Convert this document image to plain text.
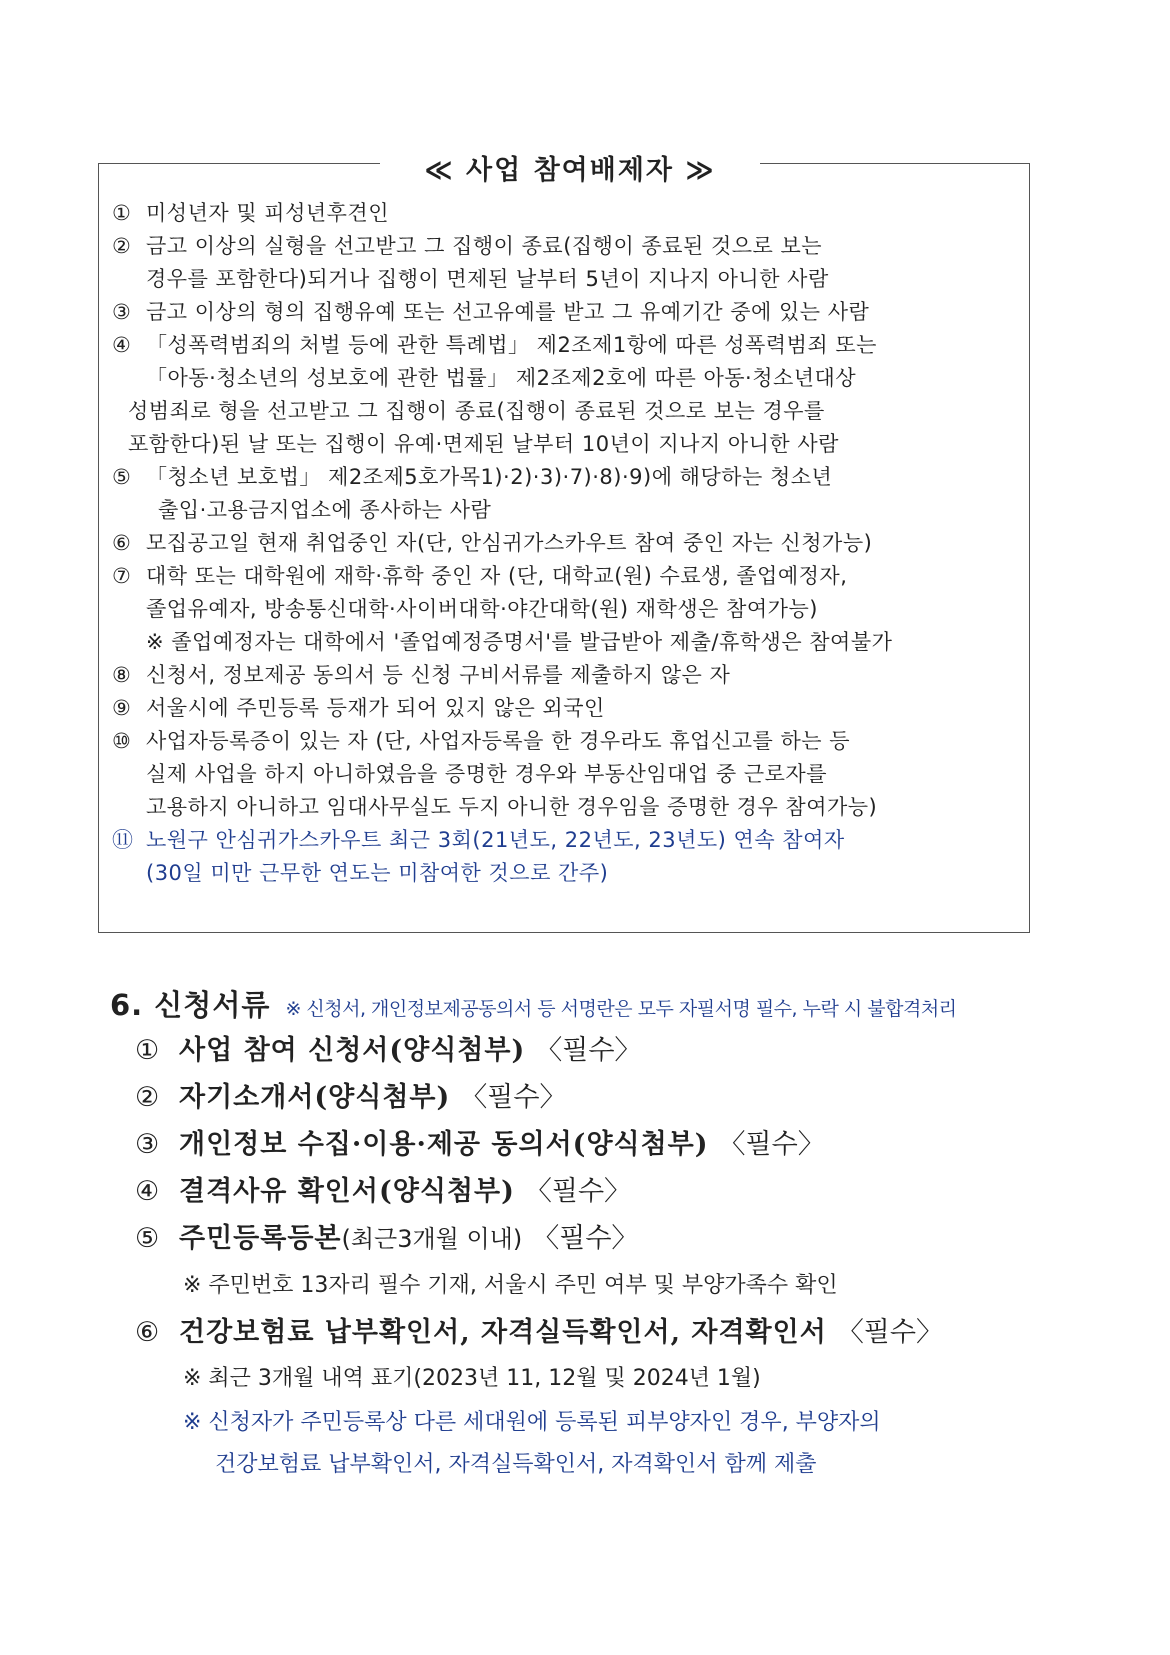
≪ 사업 참여배제자 ≫
① 미성년자 및 피성년후견인
② 금고 이상의 실형을 선고받고 그 집행이 종료(집행이 종료된 것으로 보는
경우를 포함한다)되거나 집행이 면제된 날부터 5년이 지나지 아니한 사람
③ 금고 이상의 형의 집행유예 또는 선고유예를 받고 그 유예기간 중에 있는 사람
④ 「성폭력범죄의 처벌 등에 관한 특례법」 제2조제1항에 따른 성폭력범죄 또는
「아동·청소년의 성보호에 관한 법률」 제2조제2호에 따른 아동·청소년대상
성범죄로 형을 선고받고 그 집행이 종료(집행이 종료된 것으로 보는 경우를
포함한다)된 날 또는 집행이 유예·면제된 날부터 10년이 지나지 아니한 사람
⑤ 「청소년 보호법」 제2조제5호가목1)·2)·3)·7)·8)·9)에 해당하는 청소년
출입·고용금지업소에 종사하는 사람
⑥ 모집공고일 현재 취업중인 자(단, 안심귀가스카우트 참여 중인 자는 신청가능)
⑦ 대학 또는 대학원에 재학·휴학 중인 자 (단, 대학교(원) 수료생, 졸업예정자,
졸업유예자, 방송통신대학·사이버대학·야간대학(원) 재학생은 참여가능)
※ 졸업예정자는 대학에서 '졸업예정증명서'를 발급받아 제출/휴학생은 참여불가
⑧ 신청서, 정보제공 동의서 등 신청 구비서류를 제출하지 않은 자
⑨ 서울시에 주민등록 등재가 되어 있지 않은 외국인
⑩ 사업자등록증이 있는 자 (단, 사업자등록을 한 경우라도 휴업신고를 하는 등
실제 사업을 하지 아니하였음을 증명한 경우와 부동산임대업 중 근로자를
고용하지 아니하고 임대사무실도 두지 아니한 경우임을 증명한 경우 참여가능)
⑪ 노원구 안심귀가스카우트 최근 3회(21년도, 22년도, 23년도) 연속 참여자
(30일 미만 근무한 연도는 미참여한 것으로 간주)
6. 신청서류 ※ 신청서, 개인정보제공동의서 등 서명란은 모두 자필서명 필수, 누락 시 불합격처리
① 사업 참여 신청서(양식첨부) 〈필수〉
② 자기소개서(양식첨부) 〈필수〉
③ 개인정보 수집·이용·제공 동의서(양식첨부) 〈필수〉
④ 결격사유 확인서(양식첨부) 〈필수〉
⑤ 주민등록등본(최근3개월 이내) 〈필수〉
※ 주민번호 13자리 필수 기재, 서울시 주민 여부 및 부양가족수 확인
⑥ 건강보험료 납부확인서, 자격실득확인서, 자격확인서 〈필수〉
※ 최근 3개월 내역 표기(2023년 11, 12월 및 2024년 1월)
※ 신청자가 주민등록상 다른 세대원에 등록된 피부양자인 경우, 부양자의
건강보험료 납부확인서, 자격실득확인서, 자격확인서 함께 제출
